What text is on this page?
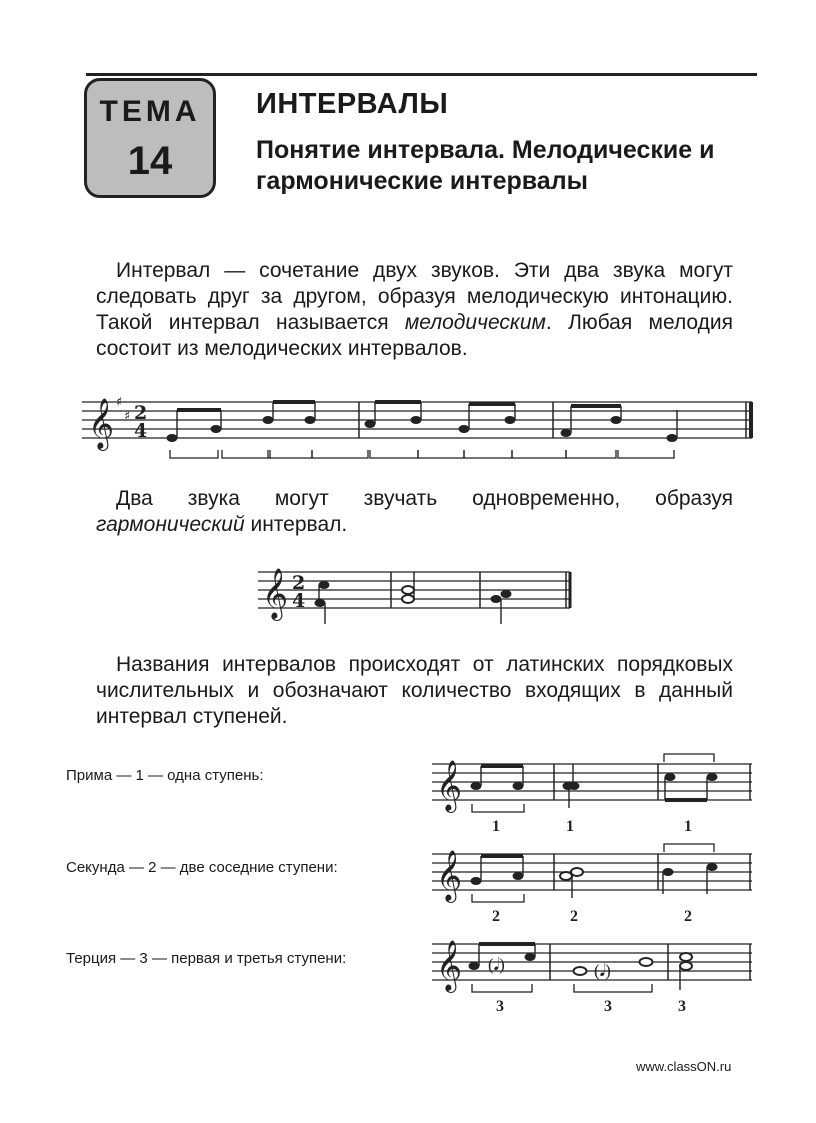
ТЕМА
14
ИНТЕРВАЛЫ
Понятие интервала. Мелодические и гармонические интервалы
Интервал — сочетание двух звуков. Эти два звука могут следовать друг за другом, образуя мелодическую интонацию. Такой интервал называется мелодическим. Любая мелодия состоит из мелодических интервалов.
𝄞 ♯
♯ 2
4
Два звука могут звучать одновременно, образуя гармонический интервал.
𝄞 2
4
Названия интервалов происходят от латинских порядковых числительных и обозначают количество входящих в данный интервал ступеней.
Прима — 1 — одна ступень:
Секунда — 2 — две соседние ступени:
Терция — 3 — первая и третья ступени:
𝄞
1	1	1
𝄞
2	2	2
𝄞 (𝅘𝅥)	(𝅘𝅥)
3	3	3
www.classON.ru
